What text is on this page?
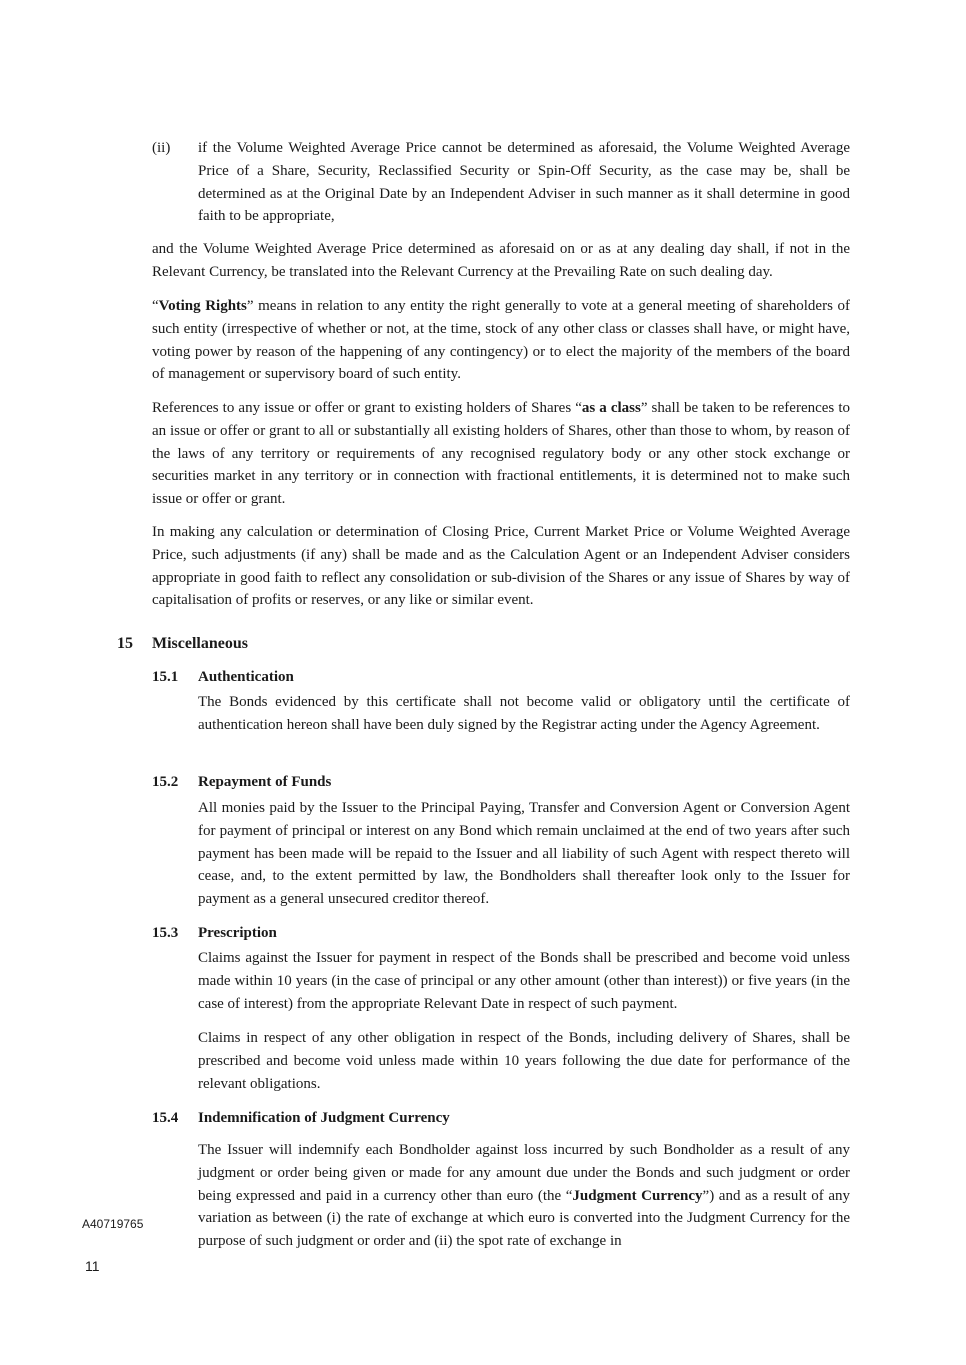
(ii) if the Volume Weighted Average Price cannot be determined as aforesaid, the Volume Weighted Average Price of a Share, Security, Reclassified Security or Spin-Off Security, as the case may be, shall be determined as at the Original Date by an Independent Adviser in such manner as it shall determine in good faith to be appropriate,
and the Volume Weighted Average Price determined as aforesaid on or as at any dealing day shall, if not in the Relevant Currency, be translated into the Relevant Currency at the Prevailing Rate on such dealing day.
“Voting Rights” means in relation to any entity the right generally to vote at a general meeting of shareholders of such entity (irrespective of whether or not, at the time, stock of any other class or classes shall have, or might have, voting power by reason of the happening of any contingency) or to elect the majority of the members of the board of management or supervisory board of such entity.
References to any issue or offer or grant to existing holders of Shares “as a class” shall be taken to be references to an issue or offer or grant to all or substantially all existing holders of Shares, other than those to whom, by reason of the laws of any territory or requirements of any recognised regulatory body or any other stock exchange or securities market in any territory or in connection with fractional entitlements, it is determined not to make such issue or offer or grant.
In making any calculation or determination of Closing Price, Current Market Price or Volume Weighted Average Price, such adjustments (if any) shall be made and as the Calculation Agent or an Independent Adviser considers appropriate in good faith to reflect any consolidation or sub-division of the Shares or any issue of Shares by way of capitalisation of profits or reserves, or any like or similar event.
15 Miscellaneous
15.1 Authentication
The Bonds evidenced by this certificate shall not become valid or obligatory until the certificate of authentication hereon shall have been duly signed by the Registrar acting under the Agency Agreement.
15.2 Repayment of Funds
All monies paid by the Issuer to the Principal Paying, Transfer and Conversion Agent or Conversion Agent for payment of principal or interest on any Bond which remain unclaimed at the end of two years after such payment has been made will be repaid to the Issuer and all liability of such Agent with respect thereto will cease, and, to the extent permitted by law, the Bondholders shall thereafter look only to the Issuer for payment as a general unsecured creditor thereof.
15.3 Prescription
Claims against the Issuer for payment in respect of the Bonds shall be prescribed and become void unless made within 10 years (in the case of principal or any other amount (other than interest)) or five years (in the case of interest) from the appropriate Relevant Date in respect of such payment.
Claims in respect of any other obligation in respect of the Bonds, including delivery of Shares, shall be prescribed and become void unless made within 10 years following the due date for performance of the relevant obligations.
15.4 Indemnification of Judgment Currency
The Issuer will indemnify each Bondholder against loss incurred by such Bondholder as a result of any judgment or order being given or made for any amount due under the Bonds and such judgment or order being expressed and paid in a currency other than euro (the “Judgment Currency”) and as a result of any variation as between (i) the rate of exchange at which euro is converted into the Judgment Currency for the purpose of such judgment or order and (ii) the spot rate of exchange in
A40719765
11
